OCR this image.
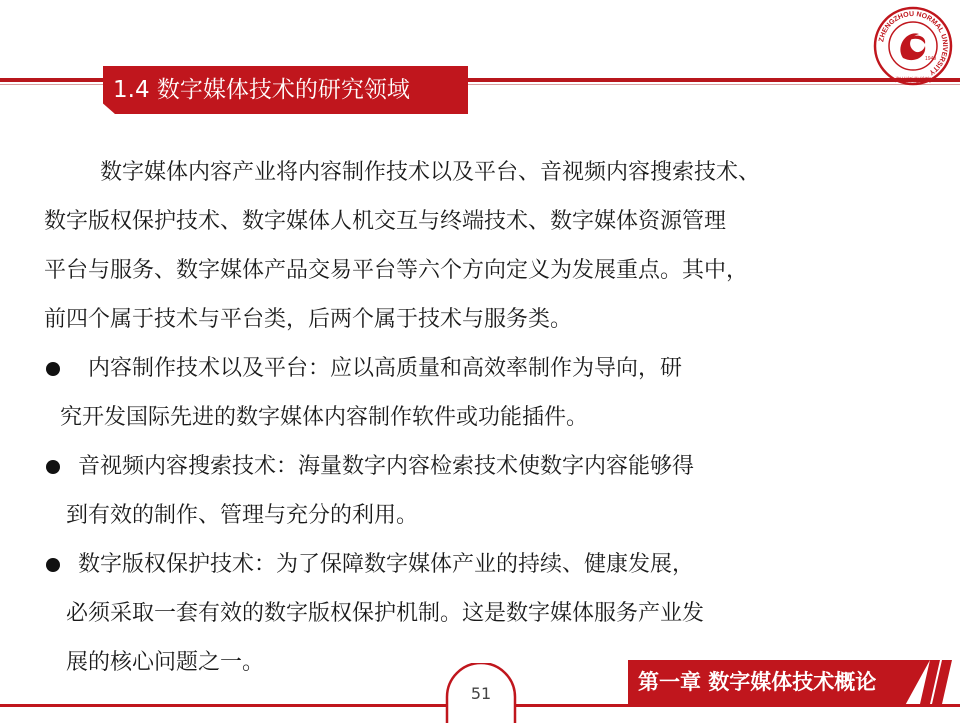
1.4 数字媒体技术的研究领域
ZHENGZHOU NORMAL UNIVERSITY
1949
郑州师范学院
数字媒体内容产业将内容制作技术以及平台、音视频内容搜索技术、
数字版权保护技术、数字媒体人机交互与终端技术、数字媒体资源管理
平台与服务、数字媒体产品交易平台等六个方向定义为发展重点。其中，
前四个属于技术与平台类，后两个属于技术与服务类。
内容制作技术以及平台：应以高质量和高效率制作为导向，研
究开发国际先进的数字媒体内容制作软件或功能插件。
音视频内容搜索技术：海量数字内容检索技术使数字内容能够得
到有效的制作、管理与充分的利用。
数字版权保护技术：为了保障数字媒体产业的持续、健康发展，
必须采取一套有效的数字版权保护机制。这是数字媒体服务产业发
展的核心问题之一。
51	第一章 数字媒体技术概论
